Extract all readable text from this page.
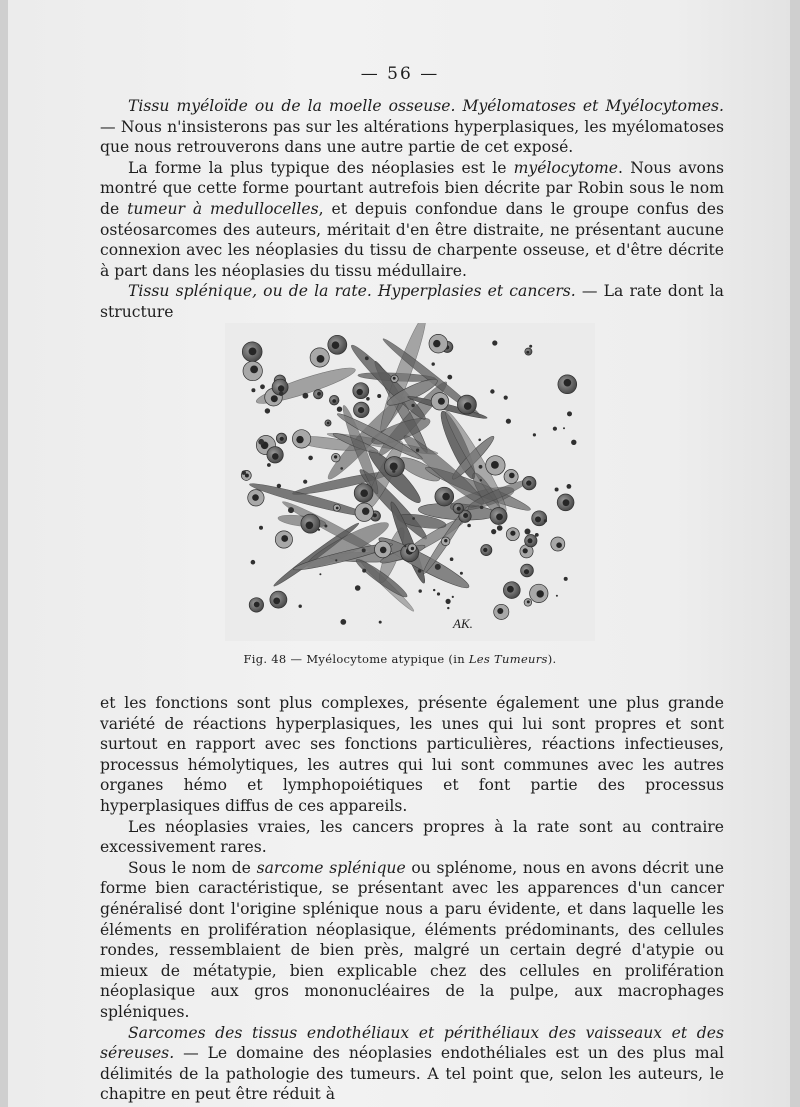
— 56 —

Tissu myéloïde ou de la moelle osseuse. Myélomatoses et Myélocytomes. — Nous n'insisterons pas sur les altérations hyperplasiques, les myélomatoses que nous retrouverons dans une autre partie de cet exposé.

La forme la plus typique des néoplasies est le myélocytome. Nous avons montré que cette forme pourtant autrefois bien décrite par Robin sous le nom de tumeur à medullocelles, et depuis confondue dans le groupe confus des ostéosarcomes des auteurs, méritait d'en être distraite, ne présentant aucune connexion avec les néoplasies du tissu de charpente osseuse, et d'être décrite à part dans les néoplasies du tissu médullaire.

Tissu splénique, ou de la rate. Hyperplasies et cancers. — La rate dont la structure

AK.
Fig. 48 — Myélocytome atypique (in Les Tumeurs).

et les fonctions sont plus complexes, présente également une plus grande variété de réactions hyperplasiques, les unes qui lui sont propres et sont surtout en rapport avec ses fonctions particulières, réactions infectieuses, processus hémolytiques, les autres qui lui sont communes avec les autres organes hémo et lymphopoiétiques et font partie des processus hyperplasiques diffus de ces appareils.

Les néoplasies vraies, les cancers propres à la rate sont au contraire excessivement rares.

Sous le nom de sarcome splénique ou splénome, nous en avons décrit une forme bien caractéristique, se présentant avec les apparences d'un cancer généralisé dont l'origine splénique nous a paru évidente, et dans laquelle les éléments en prolifération néoplasique, éléments prédominants, des cellules rondes, ressemblaient de bien près, malgré un certain degré d'atypie ou mieux de métatypie, bien explicable chez des cellules en prolifération néoplasique aux gros mononucléaires de la pulpe, aux macrophages spléniques.

Sarcomes des tissus endothéliaux et périthéliaux des vaisseaux et des séreuses. — Le domaine des néoplasies endothéliales est un des plus mal délimités de la pathologie des tumeurs. A tel point que, selon les auteurs, le chapitre en peut être réduit à
